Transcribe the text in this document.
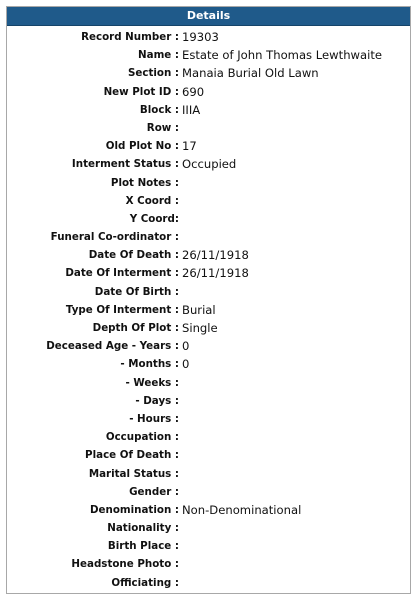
Details
Record Number : 19303
Name : Estate of John Thomas Lewthwaite
Section : Manaia Burial Old Lawn
New Plot ID : 690
Block : IIIA
Row :
Old Plot No : 17
Interment Status : Occupied
Plot Notes :
X Coord :
Y Coord:
Funeral Co-ordinator :
Date Of Death : 26/11/1918
Date Of Interment : 26/11/1918
Date Of Birth :
Type Of Interment : Burial
Depth Of Plot : Single
Deceased Age - Years : 0
- Months : 0
- Weeks :
- Days :
- Hours :
Occupation :
Place Of Death :
Marital Status :
Gender :
Denomination : Non-Denominational
Nationality :
Birth Place :
Headstone Photo :
Officiating :
